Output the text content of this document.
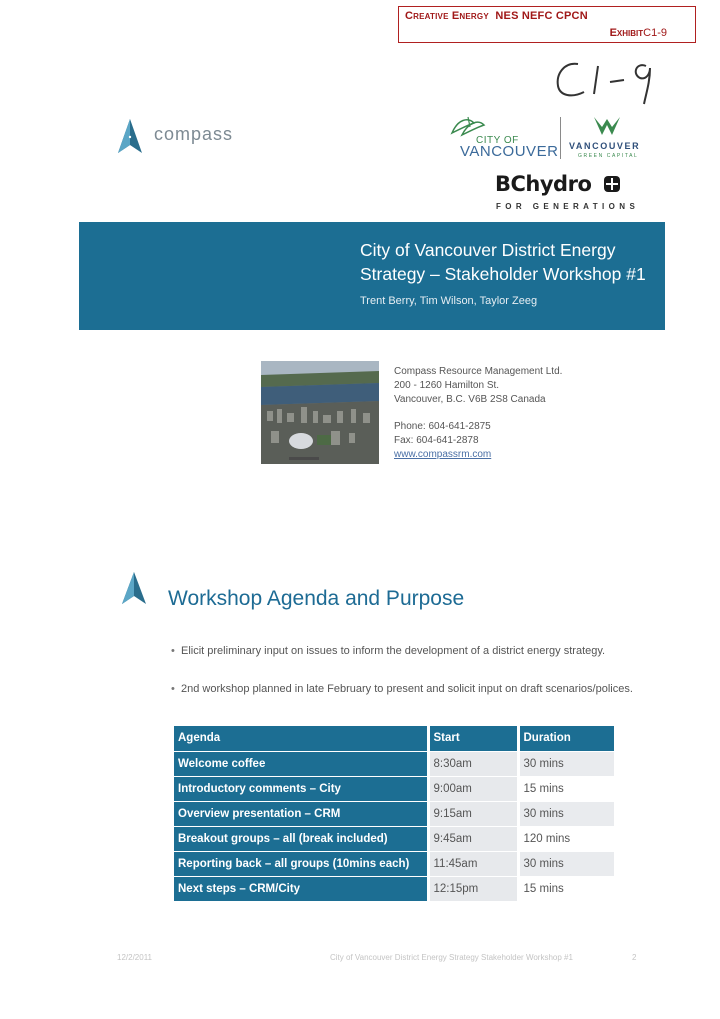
Creative Energy NES NEFC CPCN
ExhibitC1-9
compass	CITY OF
VANCOUVER VANCOUVER
GREEN CAPITAL
BChydro
FOR GENERATIONS
City of Vancouver District Energy
Strategy – Stakeholder Workshop #1
Trent Berry, Tim Wilson, Taylor Zeeg
Compass Resource Management Ltd.
200 - 1260 Hamilton St.
Vancouver, B.C. V6B 2S8 Canada
Phone: 604-641-2875
Fax: 604-641-2878
www.compassrm.com
Workshop Agenda and Purpose
• Elicit preliminary input on issues to inform the development of a district energy strategy.
• 2nd workshop planned in late February to present and solicit input on draft scenarios/polices.
Agenda	Start	Duration
Welcome coffee	8:30am	30 mins
Introductory comments – City	9:00am	15 mins
Overview presentation – CRM	9:15am	30 mins
Breakout groups – all (break included)	9:45am	120 mins
Reporting back – all groups (10mins each)	11:45am	30 mins
Next steps – CRM/City	12:15pm	15 mins
12/2/2011	City of Vancouver District Energy Strategy Stakeholder Workshop #1	2
